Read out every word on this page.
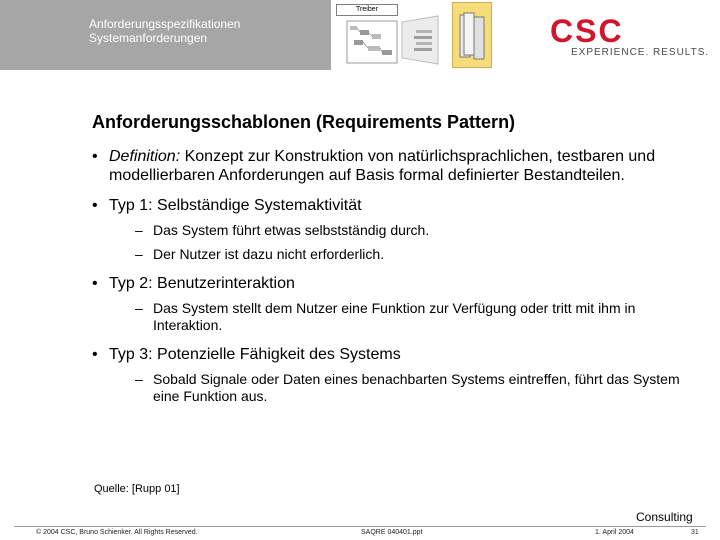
Anforderungsspezifikationen
Systemanforderungen
Treiber
CSC
EXPERIENCE. RESULTS.
Anforderungsschablonen (Requirements Pattern)
• Definition: Konzept zur Konstruktion von natürlichsprachlichen, testbaren und modellierbaren Anforderungen auf Basis formal definierter Bestandteilen.
• Typ 1: Selbständige Systemaktivität
– Das System führt etwas selbstständig durch.
– Der Nutzer ist dazu nicht erforderlich.
• Typ 2: Benutzerinteraktion
– Das System stellt dem Nutzer eine Funktion zur Verfügung oder tritt mit ihm in Interaktion.
• Typ 3: Potenzielle Fähigkeit des Systems
– Sobald Signale oder Daten eines benachbarten Systems eintreffen, führt das System eine Funktion aus.
Quelle: [Rupp 01]
Consulting
© 2004 CSC, Bruno Schienker. All Rights Reserved.	SAQRE 040401.ppt	1. April 2004	31
